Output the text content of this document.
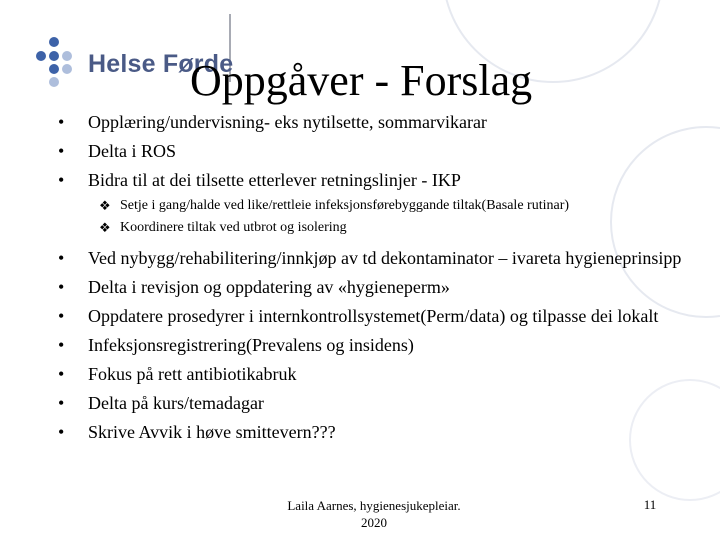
Helse Førde
Oppgåver - Forslag
• Opplæring/undervisning- eks nytilsette, sommarvikarar
• Delta i ROS
• Bidra til at dei tilsette etterlever retningslinjer - IKP
❖ Setje i gang/halde ved like/rettleie infeksjonsførebyggande tiltak(Basale rutinar)
❖ Koordinere tiltak ved utbrot og isolering
• Ved nybygg/rehabilitering/innkjøp av td dekontaminator – ivareta hygieneprinsipp
• Delta i revisjon og oppdatering av «hygieneperm»
• Oppdatere prosedyrer i internkontrollsystemet(Perm/data) og tilpasse dei lokalt
• Infeksjonsregistrering(Prevalens og insidens)
• Fokus på rett antibiotikabruk
• Delta på kurs/temadagar
• Skrive Avvik i høve smittevern???
Laila Aarnes, hygienesjukepleiar.
2020
11
